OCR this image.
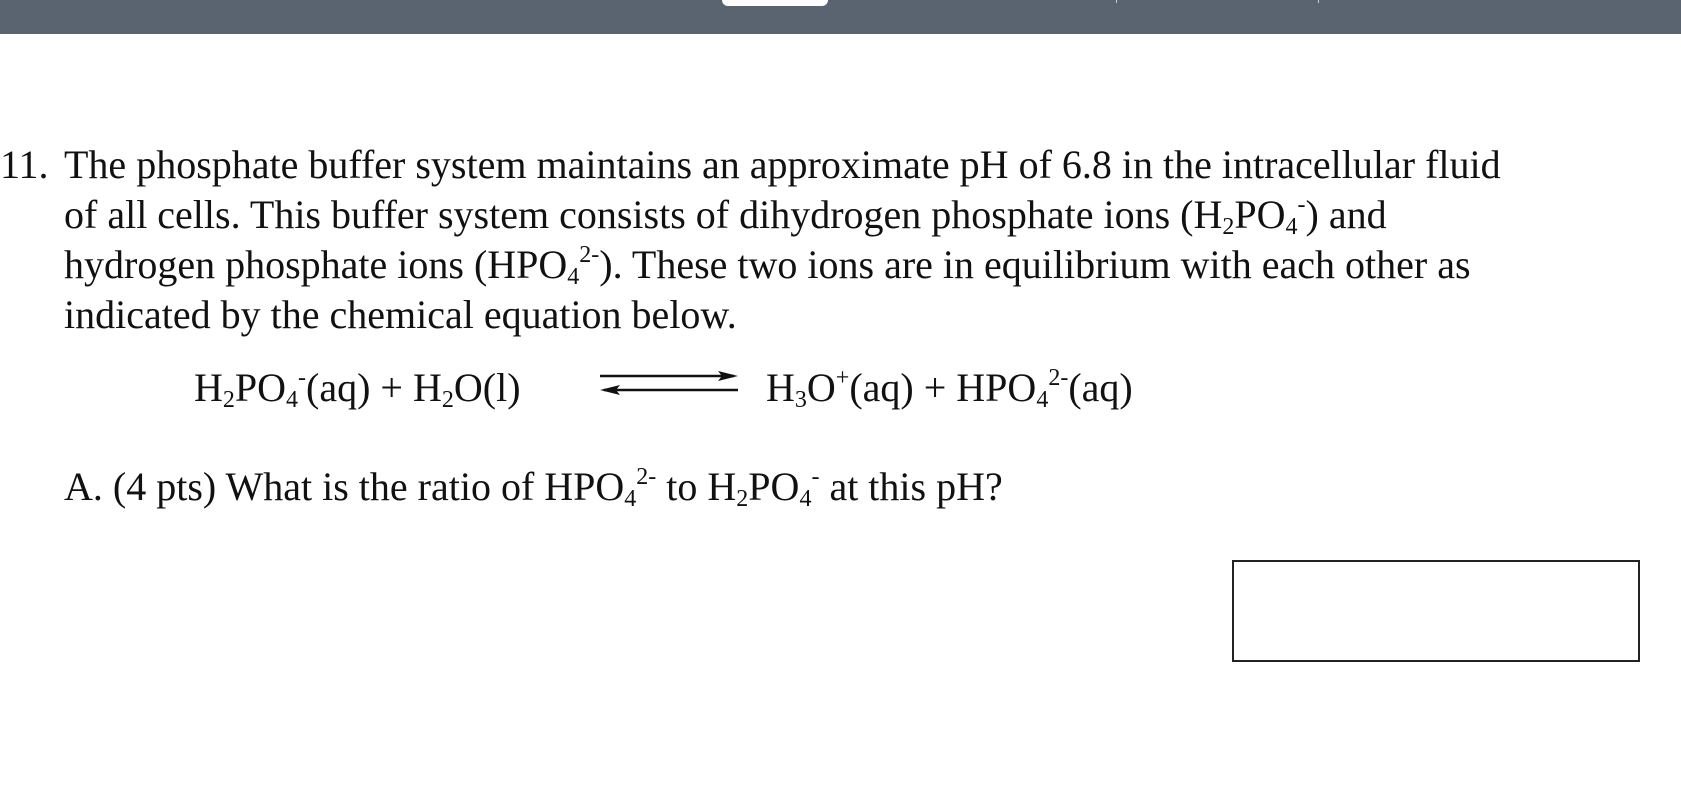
11. The phosphate buffer system maintains an approximate pH of 6.8 in the intracellular fluid
of all cells. This buffer system consists of dihydrogen phosphate ions $(H_2PO_4^-)$ and
hydrogen phosphate ions $(HPO_4^{2-})$. These two ions are in equilibrium with each other as
indicated by the chemical equation below.
$H_2PO_4^-(aq) + H_2O(l)$ ⇌ $H_3O^+(aq) + HPO_4^{2-}(aq)$
A. (4 pts) What is the ratio of $HPO_4^{2-}$ to $H_2PO_4^-$ at this pH?
